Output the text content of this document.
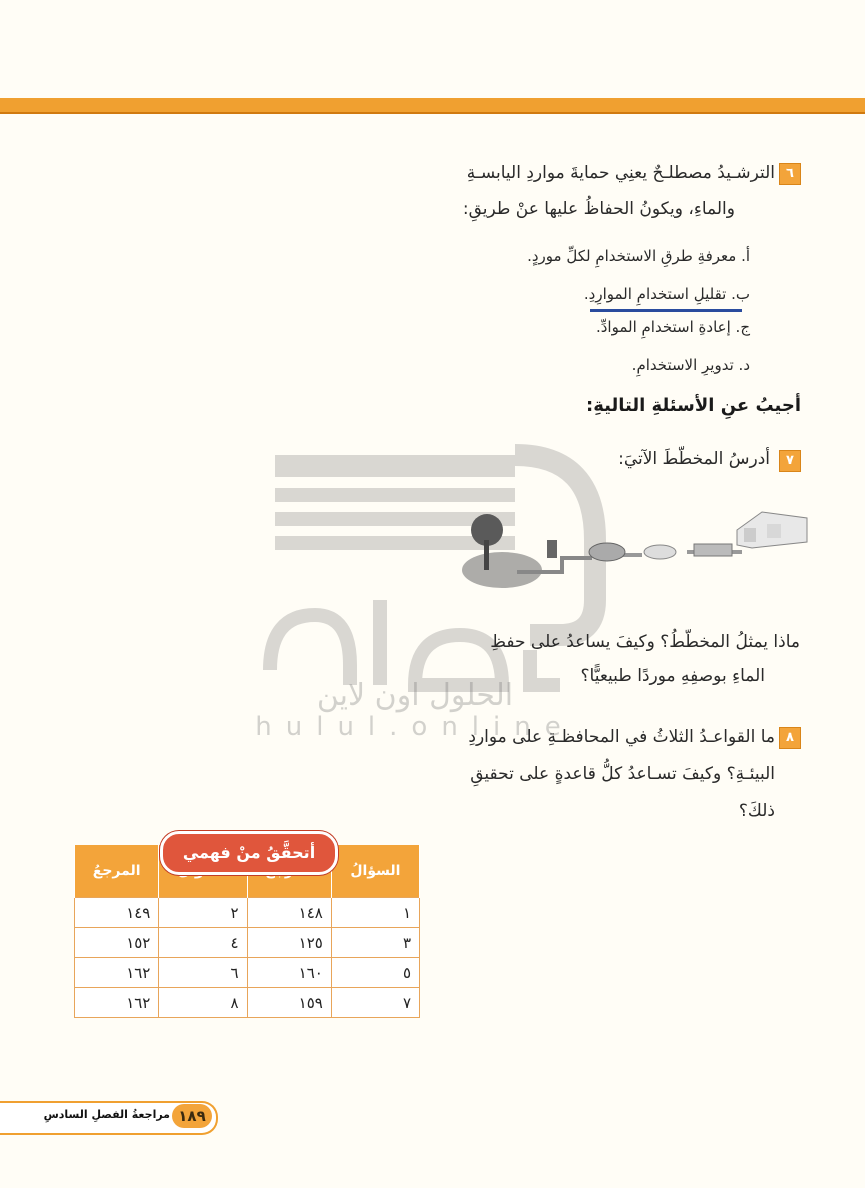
الحلول اون لاين
hulul.online
٦
الترشـيدُ مصطلـحٌ يعنِي حمايةَ مواردِ اليابسـةِ
والماءِ، ويكونُ الحفاظُ عليها عنْ طريقِ:
أ. معرفةِ طرقِ الاستخدامِ لكلِّ موردٍ.
ب. تقليلِ استخدامِ الموارِدِ.
ج. إعادةِ استخدامِ الموادِّ.
د. تدويرِ الاستخدامِ.
أجيبُ عنِ الأسئلةِ التاليةِ:
٧
أدرسُ المخطّطَ الآتيَ:
ماذا يمثلُ المخطّطُ؟ وكيفَ يساعدُ على حفظِ
الماءِ بوصفِهِ موردًا طبيعيًّا؟
٨
ما القواعـدُ الثلاثُ في المحافظـةِ على مواردِ
البيئـةِ؟ وكيفَ تسـاعدُ كلُّ قاعدةٍ على تحقيقِ
ذلكَ؟
السؤالُ			المرجعُ
١	١٤٨	٢	١٤٩
٣	١٢٥	٤	١٥٢
٥	١٦٠	٦	١٦٢
٧	١٥٩	٨	١٦٢
أتحقَّقُ منْ فهمي
مراجعةُ الفصلِ السادسِ ١٨٩
